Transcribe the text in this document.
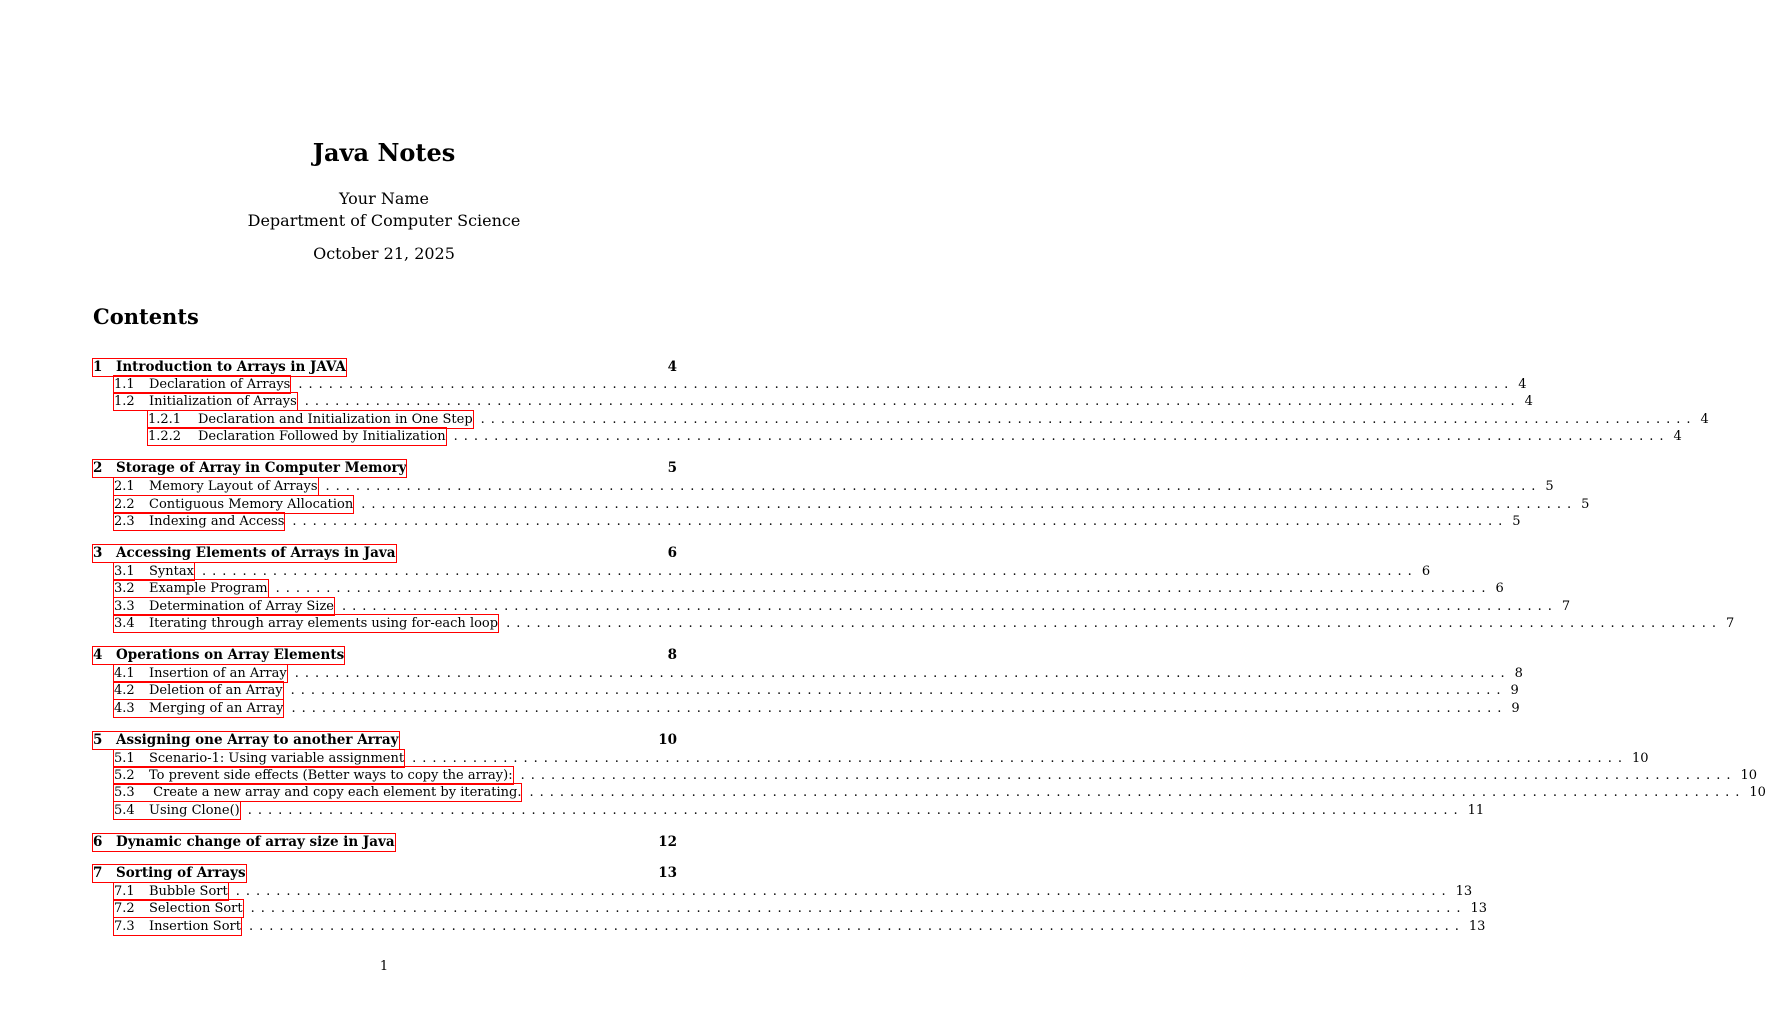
Java Notes
Your Name
Department of Computer Science
October 21, 2025
Contents
1	Introduction to Arrays in JAVA	4
1.1	Declaration of Arrays ........................................................................................................................ 4
1.2	Initialization of Arrays ........................................................................................................................ 4
1.2.1	Declaration and Initialization in One Step ........................................................................................................................ 4
1.2.2	Declaration Followed by Initialization ........................................................................................................................ 4
2	Storage of Array in Computer Memory	5
2.1	Memory Layout of Arrays ........................................................................................................................ 5
2.2	Contiguous Memory Allocation ........................................................................................................................ 5
2.3	Indexing and Access ........................................................................................................................ 5
3	Accessing Elements of Arrays in Java	6
3.1	Syntax ........................................................................................................................ 6
3.2	Example Program ........................................................................................................................ 6
3.3	Determination of Array Size ........................................................................................................................ 7
3.4	Iterating through array elements using for-each loop ........................................................................................................................ 7
4	Operations on Array Elements	8
4.1	Insertion of an Array ........................................................................................................................ 8
4.2	Deletion of an Array ........................................................................................................................ 9
4.3	Merging of an Array ........................................................................................................................ 9
5	Assigning one Array to another Array	10
5.1	Scenario-1: Using variable assignment ........................................................................................................................ 10
5.2	To prevent side effects (Better ways to copy the array): ........................................................................................................................ 10
5.3	Create a new array and copy each element by iterating. ........................................................................................................................ 10
5.4	Using Clone() ........................................................................................................................ 11
6	Dynamic change of array size in Java	12
7	Sorting of Arrays	13
7.1	Bubble Sort ........................................................................................................................ 13
7.2	Selection Sort ........................................................................................................................ 13
7.3	Insertion Sort ........................................................................................................................ 13
1
